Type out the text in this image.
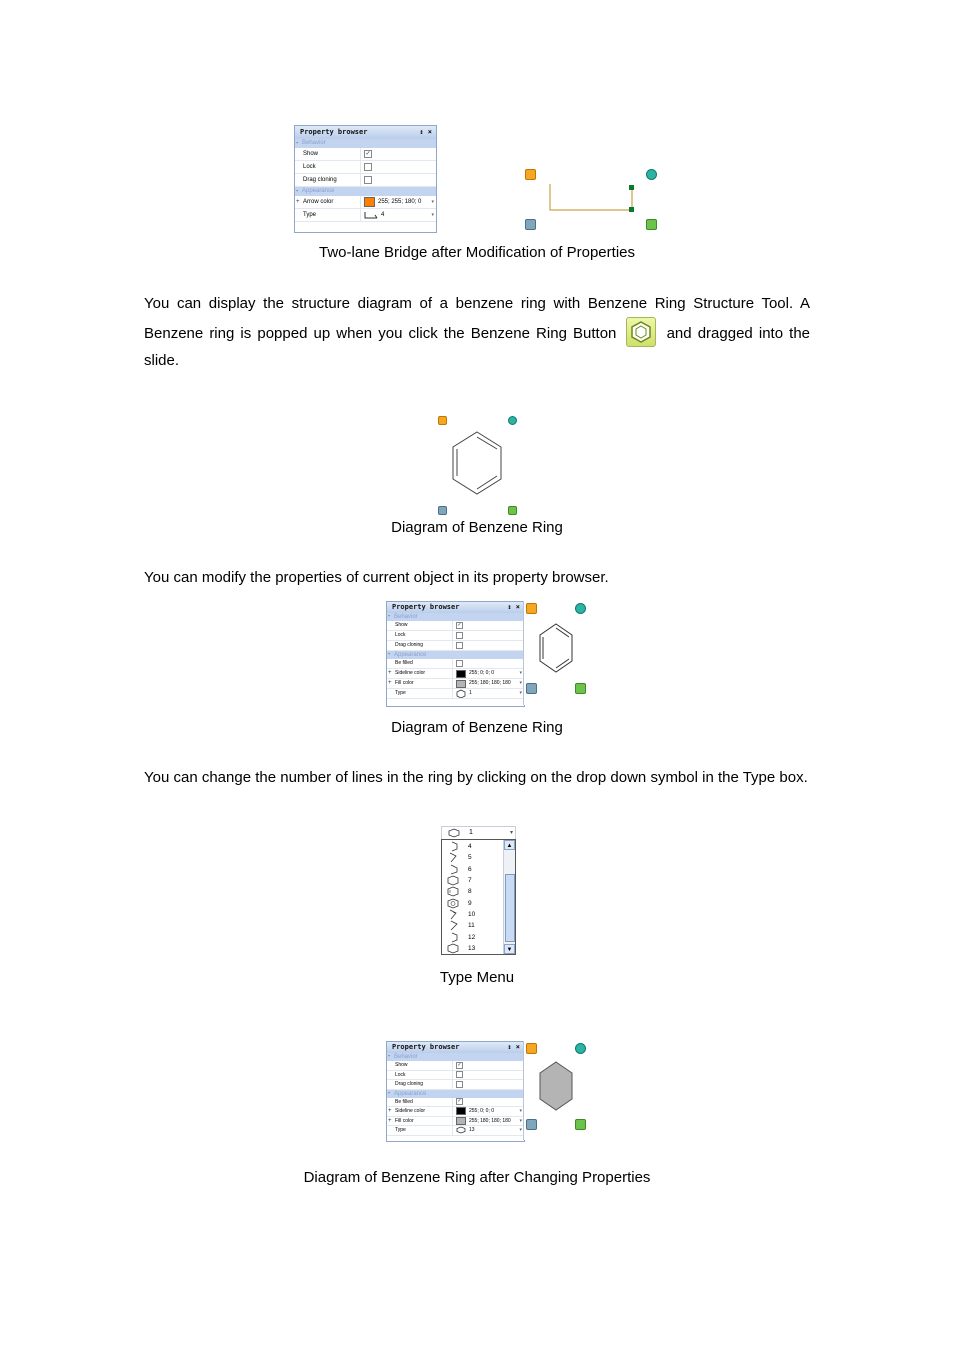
Property browser	↕ ×
- Behavior
Show	✓
Lock
Drag cloning
- Appearance
+ Arrow color	255; 255; 180; 0 ▾
Type	4	▾
Two-lane Bridge after Modification of Properties
You can display the structure diagram of a benzene ring with Benzene Ring Structure Tool. A Benzene ring is popped up when you click the Benzene Ring Button	and dragged into the slide.
Diagram of Benzene Ring
You can modify the properties of current object in its property browser.
Property browser	↕ ×
- Behavior
Show	✓
Lock
Drag cloning
- Appearance
Be filled
+ Sideline color	255; 0; 0; 0	▾
+ Fill color	255; 180; 180; 180 ▾
Type	1	▾
Diagram of Benzene Ring
You can change the number of lines in the ring by clicking on the drop down symbol in the Type box.
1	▾
4
5
6
7
8
9
10
11
12
13
▲
▼
Type Menu
Property browser	↕ ×
- Behavior
Show	✓
Lock
Drag cloning
- Appearance
Be filled	✓
+ Sideline color	255; 0; 0; 0	▾
+ Fill color	255; 180; 180; 180 ▾
Type	13	▾
Diagram of Benzene Ring after Changing Properties
